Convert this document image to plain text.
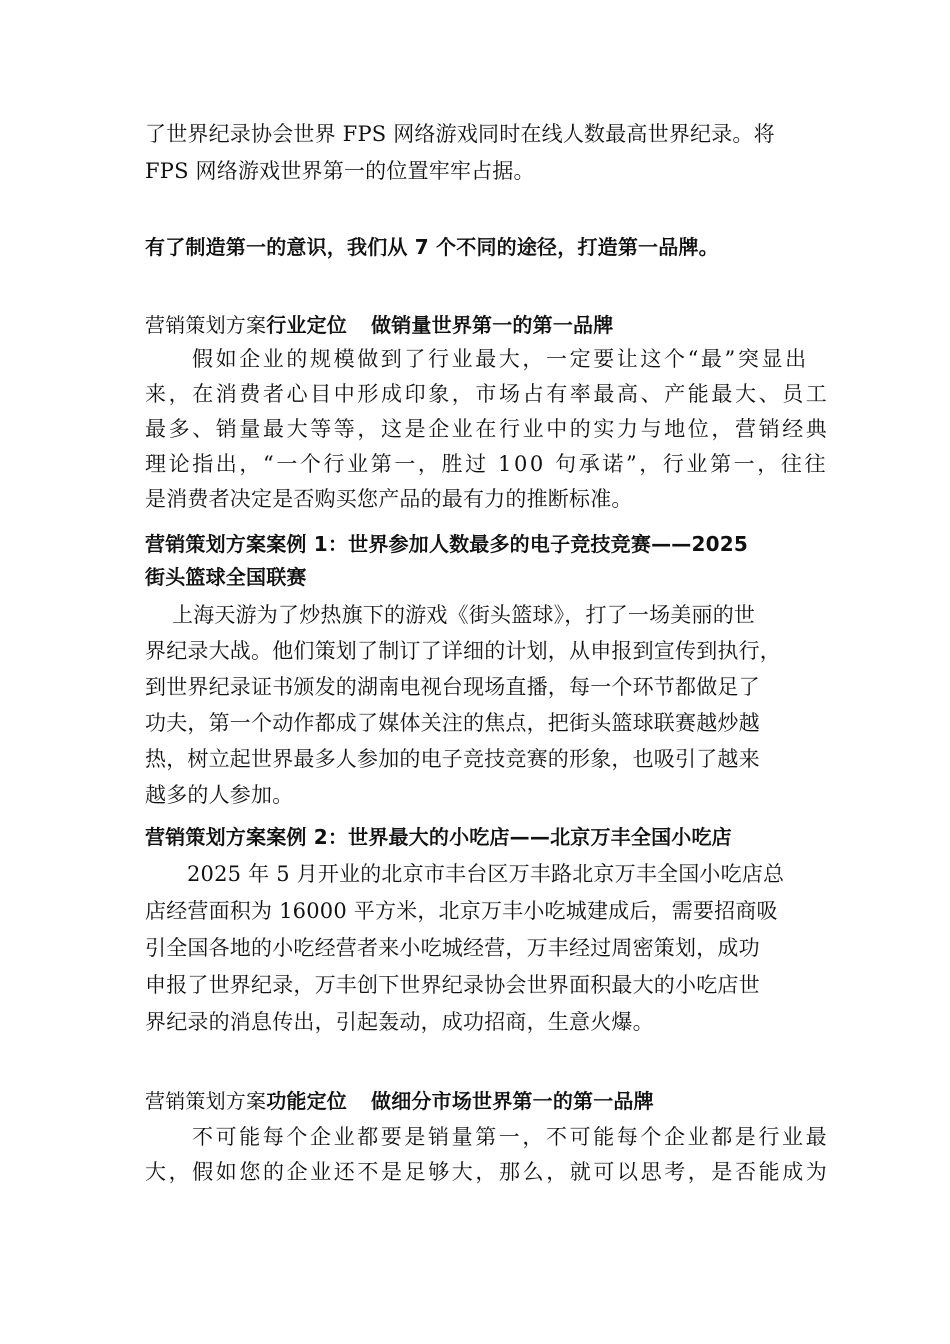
了世界纪录协会世界 FPS 网络游戏同时在线人数最高世界纪录。将
FPS 网络游戏世界第一的位置牢牢占据。
有了制造第一的意识，我们从 7 个不同的途径，打造第一品牌。
营销策划方案行业定位 做销量世界第一的第一品牌
假如企业的规模做到了行业最大，一定要让这个“最”突显出
来，在消费者心目中形成印象，市场占有率最高、产能最大、员工
最多、销量最大等等，这是企业在行业中的实力与地位，营销经典
理论指出，“一个行业第一，胜过 100 句承诺”，行业第一，往往
是消费者决定是否购买您产品的最有力的推断标准。
营销策划方案案例 1：世界参加人数最多的电子竞技竞赛——2025
街头篮球全国联赛
上海天游为了炒热旗下的游戏《街头篮球》，打了一场美丽的世
界纪录大战。他们策划了制订了详细的计划，从申报到宣传到执行，
到世界纪录证书颁发的湖南电视台现场直播，每一个环节都做足了
功夫，第一个动作都成了媒体关注的焦点，把街头篮球联赛越炒越
热，树立起世界最多人参加的电子竞技竞赛的形象，也吸引了越来
越多的人参加。
营销策划方案案例 2：世界最大的小吃店——北京万丰全国小吃店
2025 年 5 月开业的北京市丰台区万丰路北京万丰全国小吃店总
店经营面积为 16000 平方米，北京万丰小吃城建成后，需要招商吸
引全国各地的小吃经营者来小吃城经营，万丰经过周密策划，成功
申报了世界纪录，万丰创下世界纪录协会世界面积最大的小吃店世
界纪录的消息传出，引起轰动，成功招商，生意火爆。
营销策划方案功能定位 做细分市场世界第一的第一品牌
不可能每个企业都要是销量第一，不可能每个企业都是行业最
大，假如您的企业还不是足够大，那么，就可以思考，是否能成为
